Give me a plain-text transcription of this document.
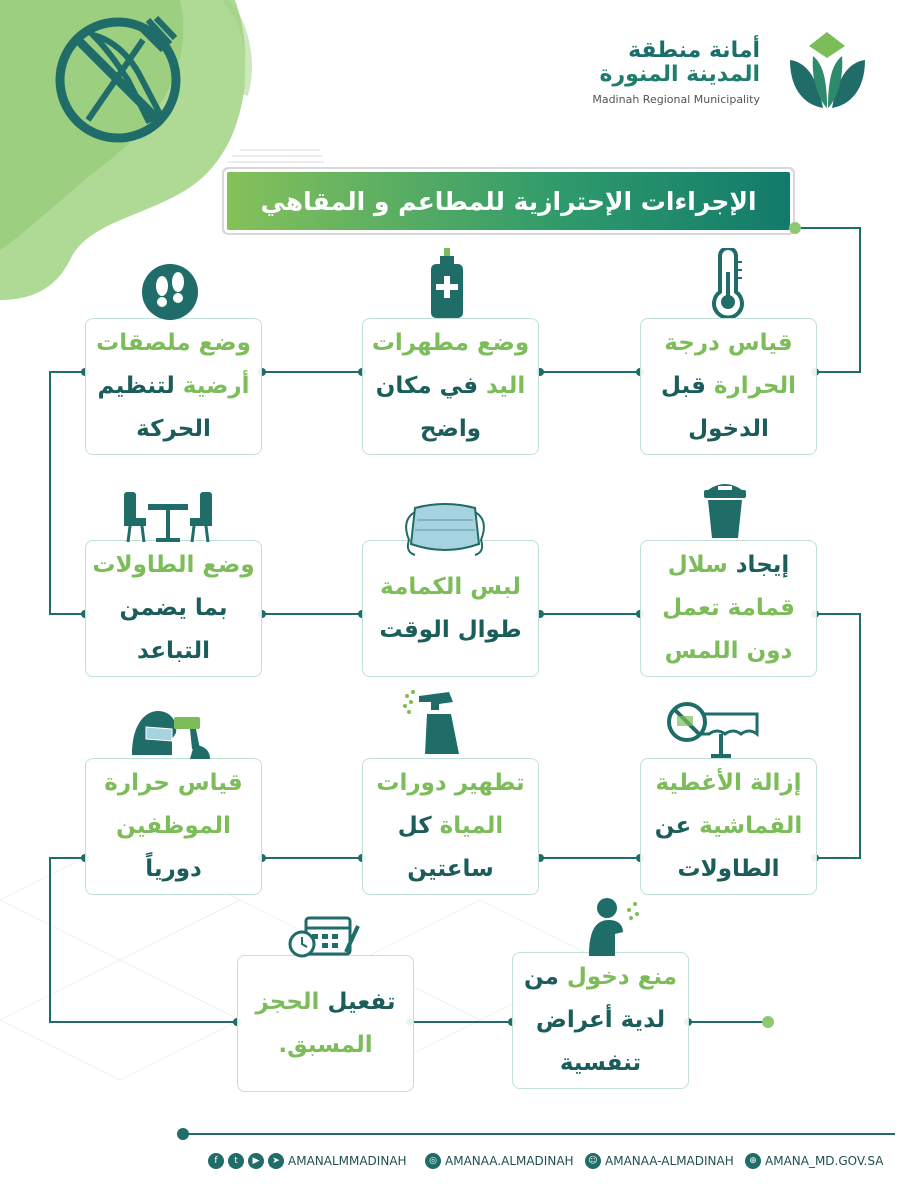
أمانة منطقة
المدينة المنورة
Madinah Regional Municipality
الإجراءات الإحترازية للمطاعم و المقاهي
قياس درجة
الحرارة قبل
الدخول
وضع مطهرات
اليد في مكان
واضح
وضع ملصقات
أرضية لتنظيم
الحركة
إيجاد سلال
قمامة تعمل
دون اللمس
لبس الكمامة
طوال الوقت
وضع الطاولات
بما يضمن
التباعد
إزالة الأغطية
القماشية عن
الطاولات
تطهير دورات
المياة كل
ساعتين
قياس حرارة
الموظفين
دورياً
منع دخول من
لدية أعراض
تنفسية
تفعيل الحجز
المسبق.
f	t	▶	➤ AMANALMMADINAH	◎ AMANAA.ALMADINAH	☺ AMANAA-ALMADINAH	⊕ AMANA_MD.GOV.SA
